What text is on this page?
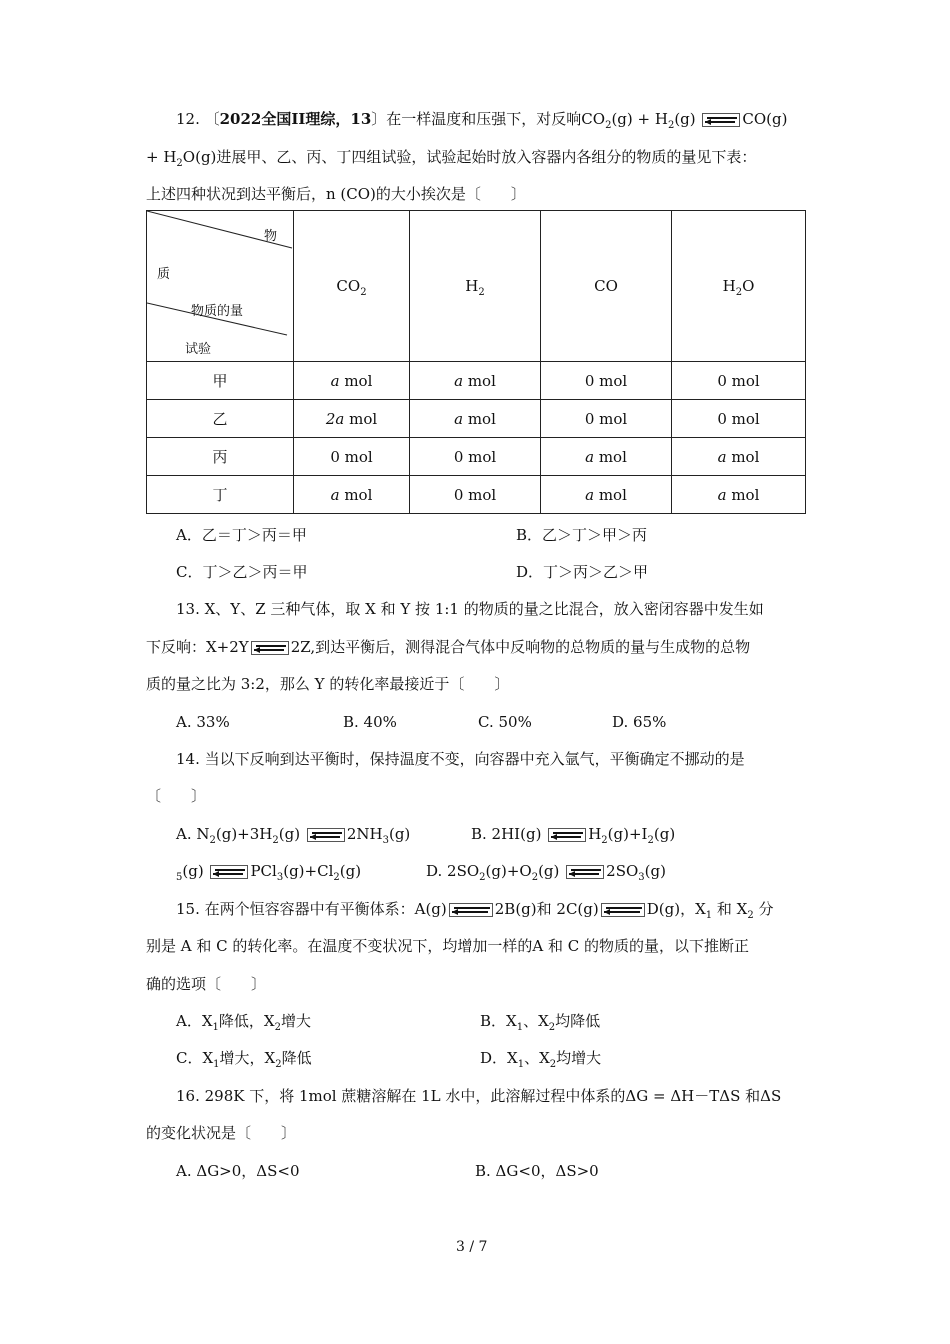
12. 〔2022全国II理综，13〕在一样温度和压强下，对反响$CO_2(g) + H_2(g)$	CO(g)
+ $H_2O(g)$进展甲、乙、丙、丁四组试验，试验起始时放入容器内各组分的物质的量见下表：
上述四种状况到达平衡后，n (CO)的大小挨次是〔　　〕
物
质
物质的量
试验	$CO_2$	$H_2$	CO	$H_2O$
甲	a mol	a mol	0 mol	0 mol
乙	2a mol	a mol	0 mol	0 mol
丙	0 mol	0 mol	a mol	a mol
丁	a mol	0 mol	a mol	a mol
A．乙＝丁＞丙＝甲	B．乙＞丁＞甲＞丙
C．丁＞乙＞丙＝甲	D．丁＞丙＞乙＞甲
13. X、Y、Z 三种气体，取 X 和 Y 按 1:1 的物质的量之比混合，放入密闭容器中发生如
下反响：X+2Y	2Z,到达平衡后，测得混合气体中反响物的总物质的量与生成物的总物
质的量之比为 3:2，那么 Y 的转化率最接近于〔　　〕
A. 33%	B. 40%	C. 50%	D. 65%
14. 当以下反响到达平衡时，保持温度不变，向容器中充入氩气，平衡确定不挪动的是
〔　　〕
A. $N_2(g)+3H_2(g)$	$2NH_3(g)$	B. 2HI(g)	$H_2(g)+I_2(g)$
$_5$(g)	$PCl_3(g)+Cl_2(g)$	D. $2SO_2(g)+O_2(g)$	$2SO_3(g)$
15. 在两个恒容容器中有平衡体系：A(g)	2B(g)和 2C(g)	D(g)，$X_1$ 和 $X_2$ 分
别是 A 和 C 的转化率。在温度不变状况下，均增加一样的A 和 C 的物质的量，以下推断正
确的选项〔　　〕
A．$X_1$降低，$X_2$增大	B．$X_1$、$X_2$均降低
C．$X_1$增大，$X_2$降低	D．$X_1$、$X_2$均增大
16. 298K 下，将 1mol 蔗糖溶解在 1L 水中，此溶解过程中体系的ΔG = ΔH－TΔS 和ΔS
的变化状况是〔　　〕
A. ΔG>0，ΔS<0	B. ΔG<0，ΔS>0
3 / 7
